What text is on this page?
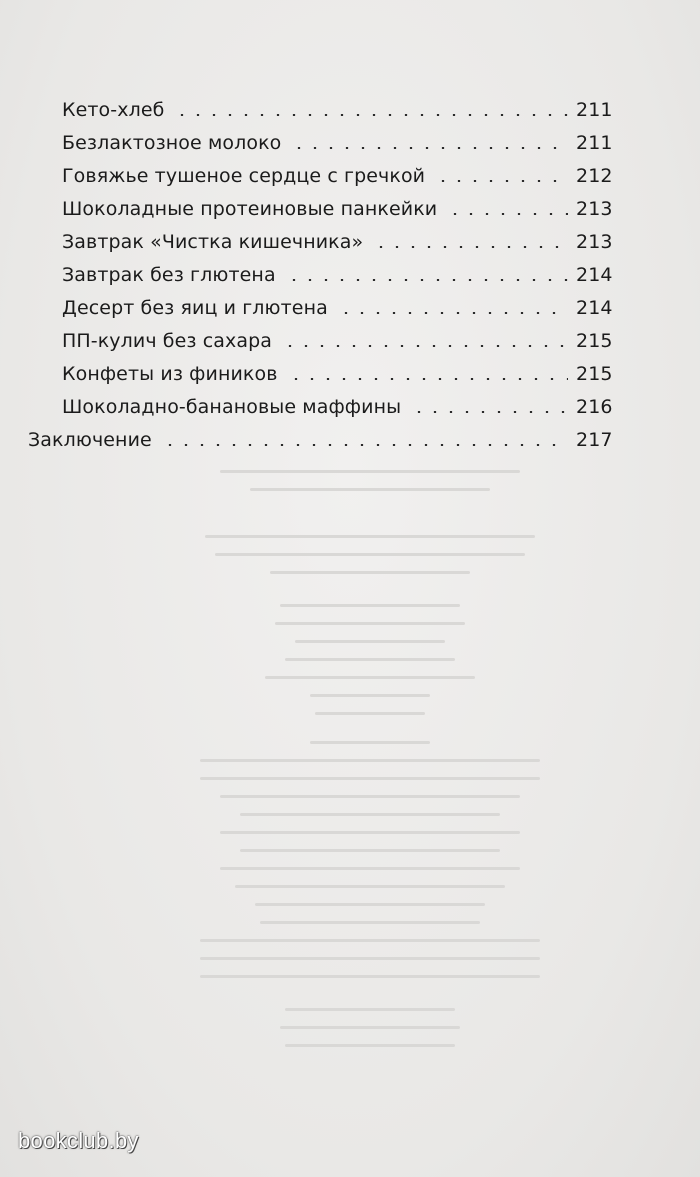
Кето-хлеб	211
Безлактозное молоко	211
Говяжье тушеное сердце с гречкой	212
Шоколадные протеиновые панкейки	213
Завтрак «Чистка кишечника»	213
Завтрак без глютена	214
Десерт без яиц и глютена	214
ПП-кулич без сахара	215
Конфеты из фиников	215
Шоколадно-банановые маффины	216
Заключение	217
bookclub.by
